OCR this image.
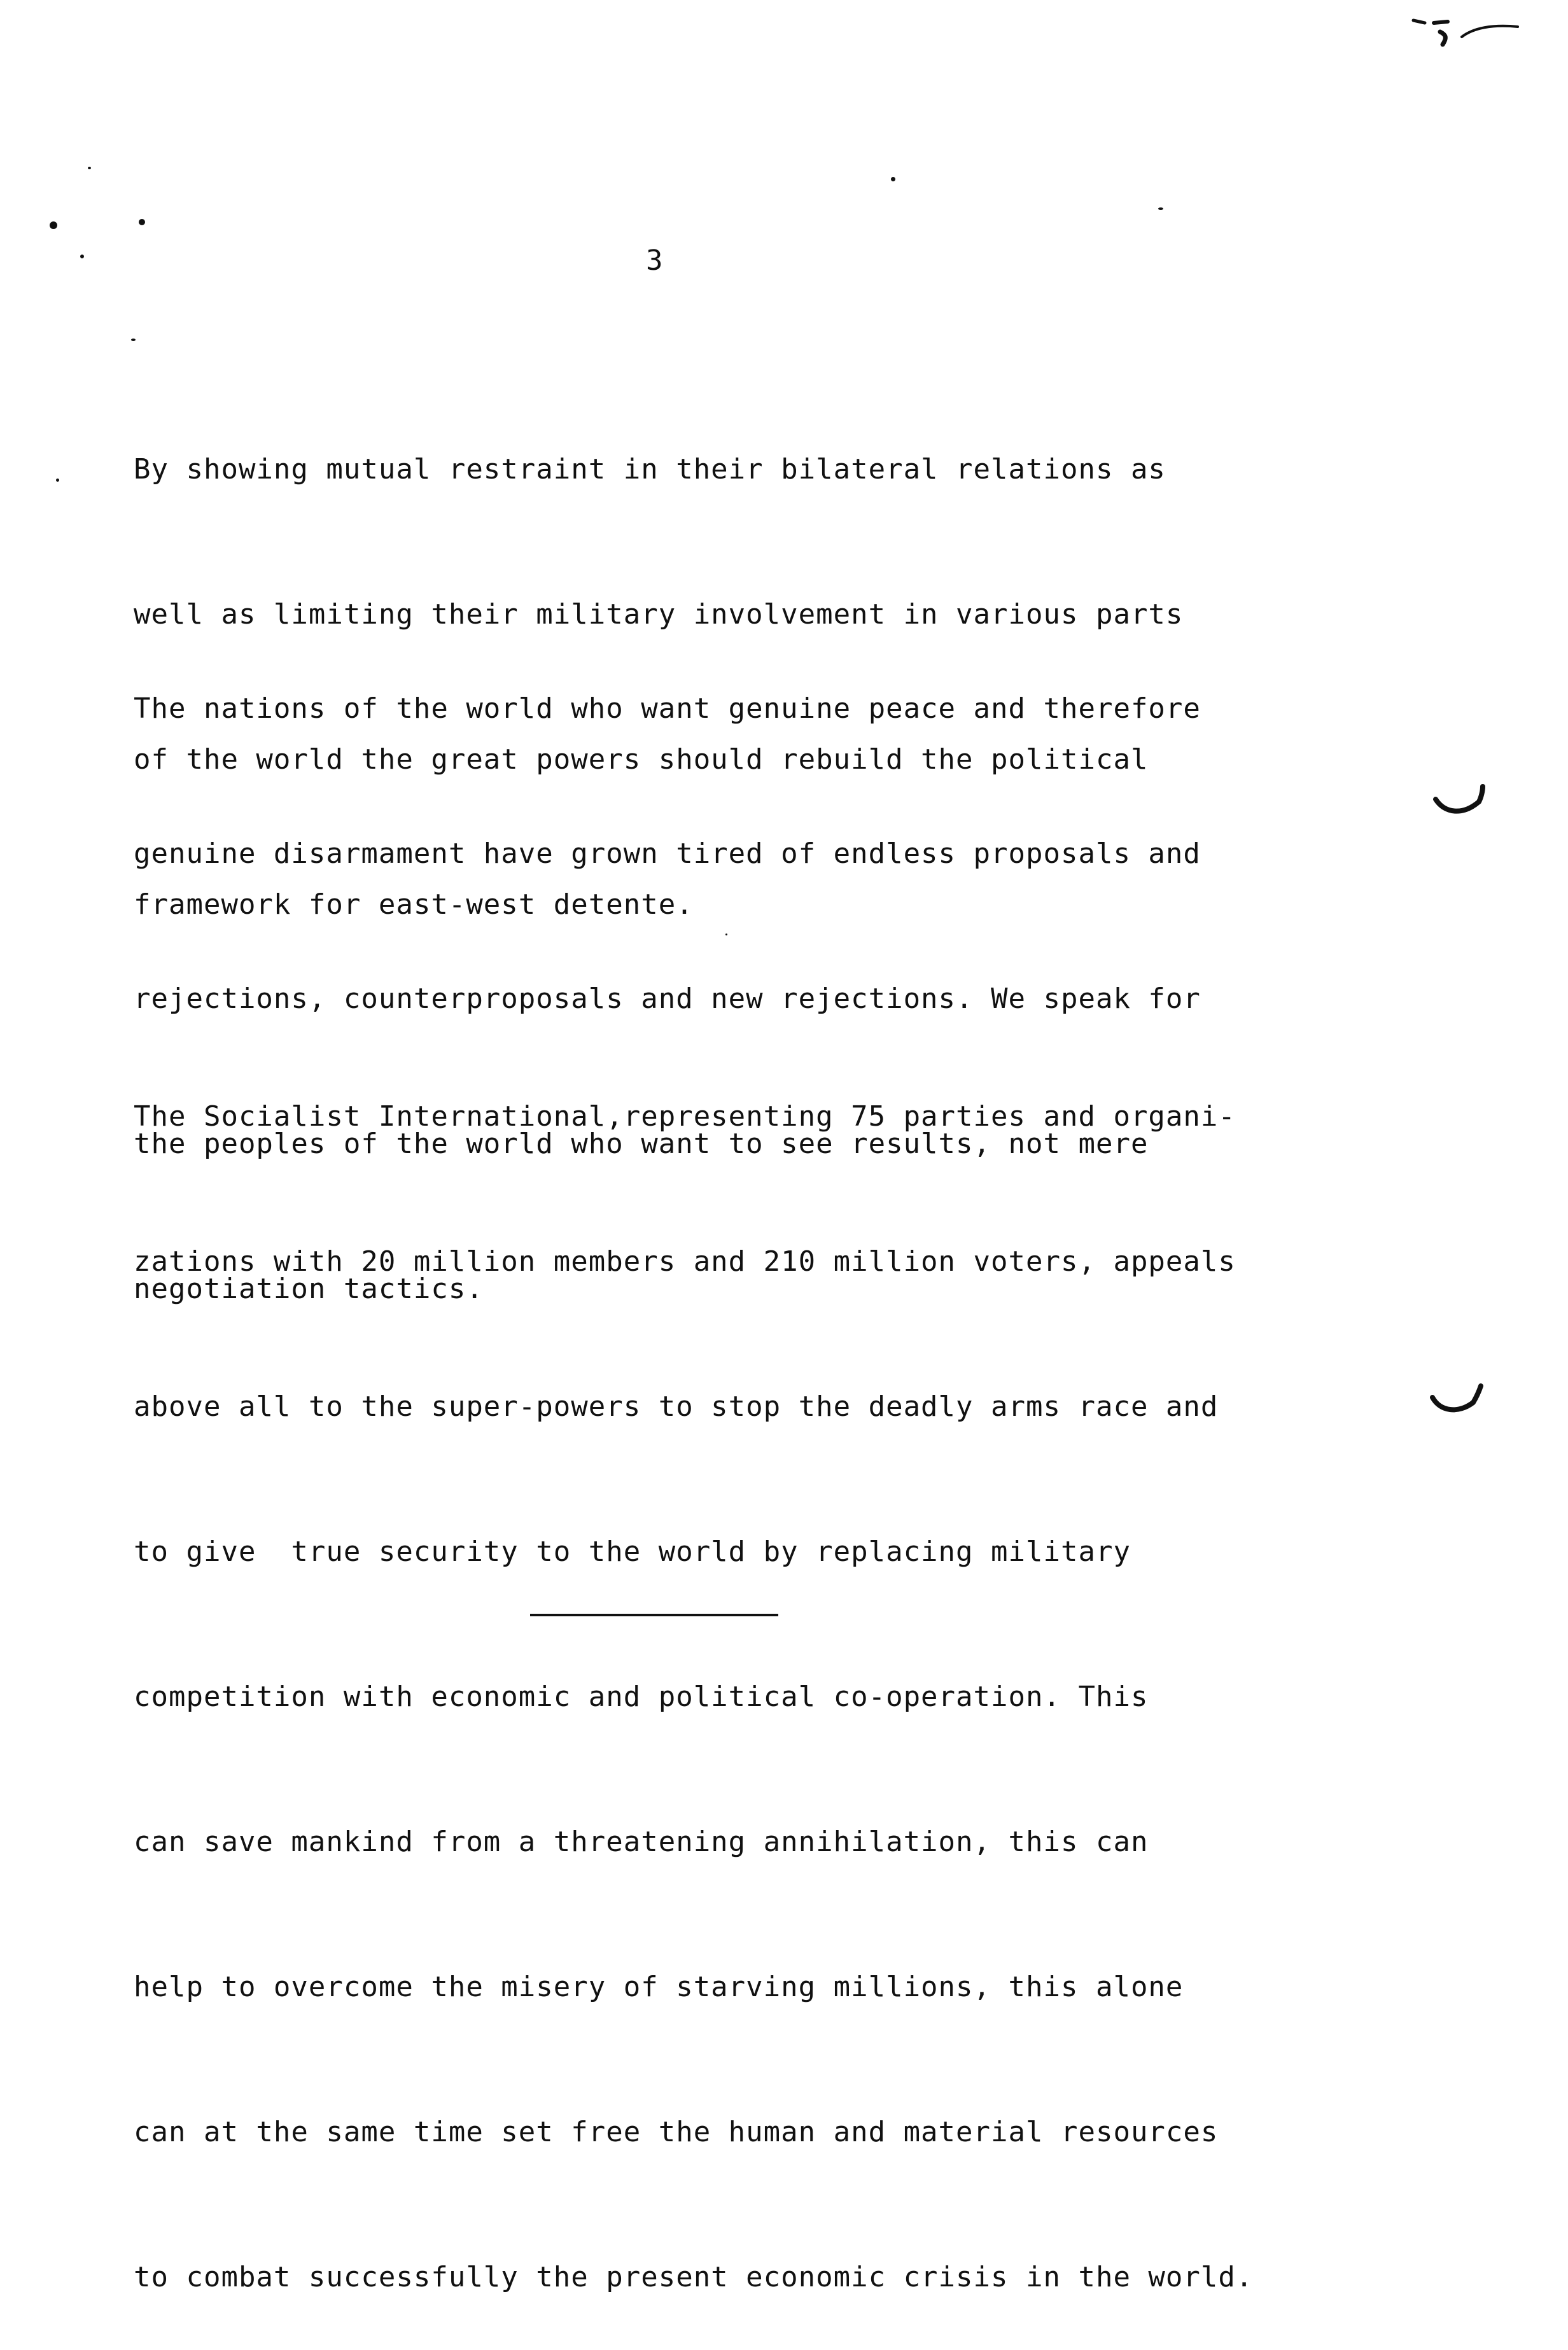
3

By showing mutual restraint in their bilateral relations as

well as limiting their military involvement in various parts

of the world the great powers should rebuild the political

framework for east-west detente.

The nations of the world who want genuine peace and therefore

genuine disarmament have grown tired of endless proposals and

rejections, counterproposals and new rejections. We speak for

the peoples of the world who want to see results, not mere

negotiation tactics.

The Socialist International,representing 75 parties and organi-

zations with 20 million members and 210 million voters, appeals

above all to the super-powers to stop the deadly arms race and

to give  true security to the world by replacing military

competition with economic and political co-operation. This

can save mankind from a threatening annihilation, this can

help to overcome the misery of starving millions, this alone

can at the same time set free the human and material resources

to combat successfully the present economic crisis in the world.
